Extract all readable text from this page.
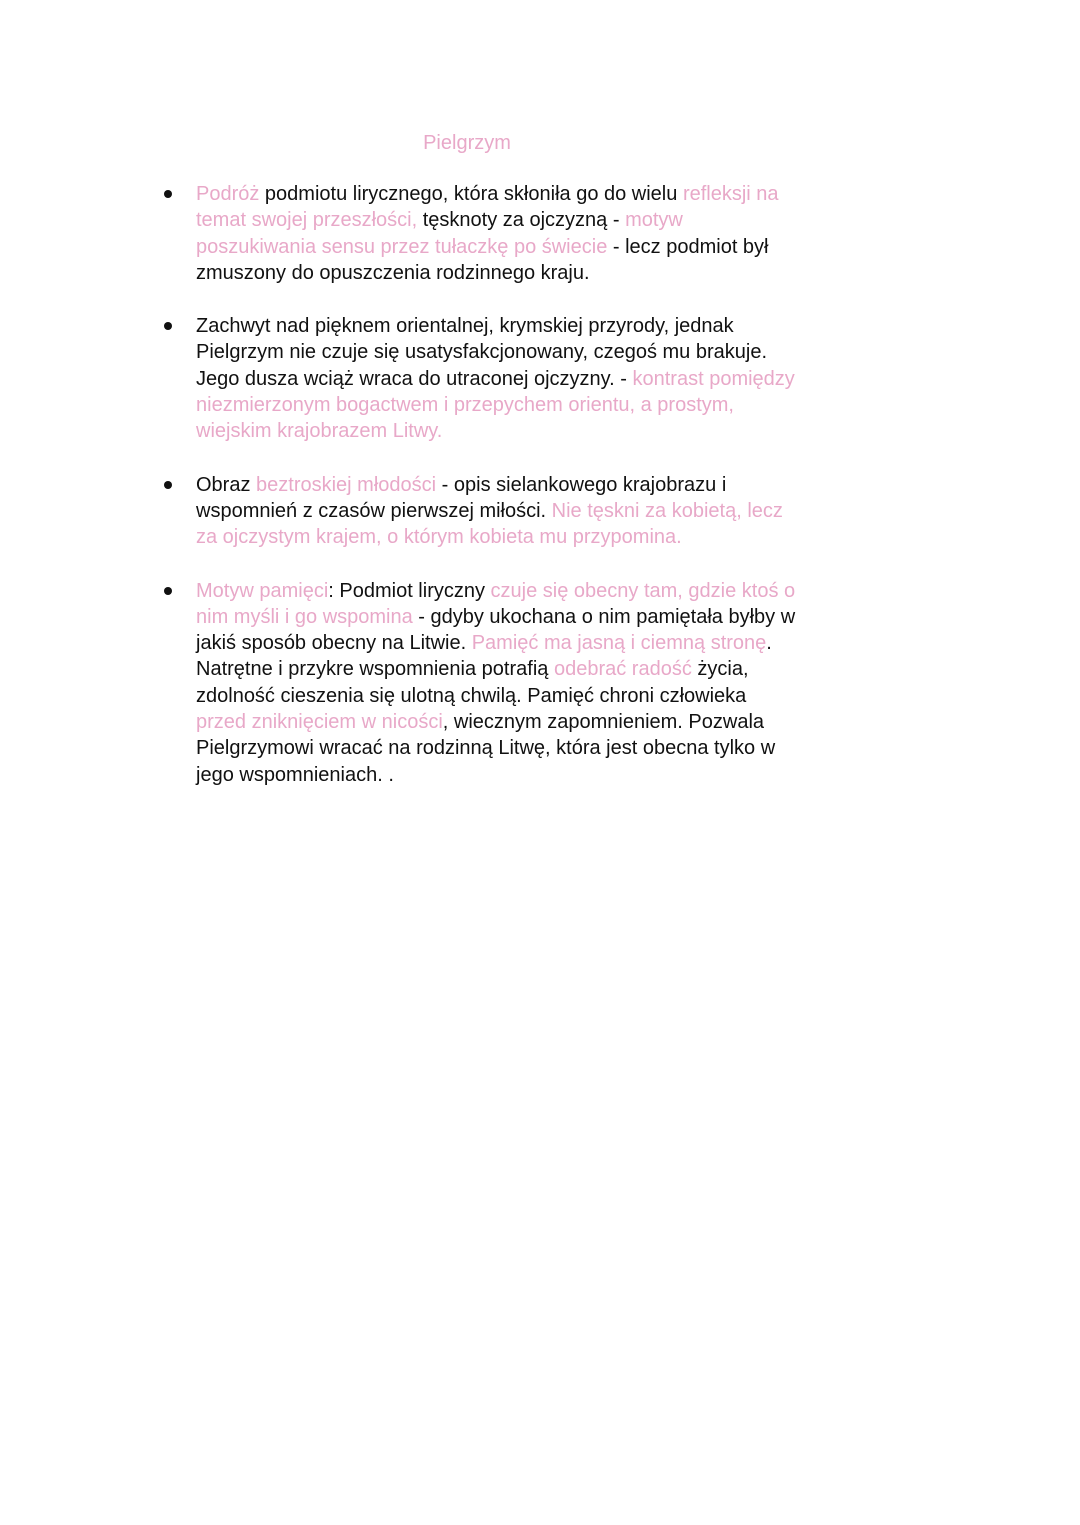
Pielgrzym
Podróż podmiotu lirycznego, która skłoniła go do wielu refleksji na temat swojej przeszłości, tęsknoty za ojczyzną - motyw poszukiwania sensu przez tułaczkę po świecie - lecz podmiot był zmuszony do opuszczenia rodzinnego kraju.
Zachwyt nad pięknem orientalnej, krymskiej przyrody, jednak Pielgrzym nie czuje się usatysfakcjonowany, czegoś mu brakuje. Jego dusza wciąż wraca do utraconej ojczyzny. - kontrast pomiędzy niezmierzonym bogactwem i przepychem orientu, a prostym, wiejskim krajobrazem Litwy.
Obraz beztroskiej młodości - opis sielankowego krajobrazu i wspomnień z czasów pierwszej miłości. Nie tęskni za kobietą, lecz za ojczystym krajem, o którym kobieta mu przypomina.
Motyw pamięci: Podmiot liryczny czuje się obecny tam, gdzie ktoś o nim myśli i go wspomina - gdyby ukochana o nim pamiętała byłby w jakiś sposób obecny na Litwie. Pamięć ma jasną i ciemną stronę. Natrętne i przykre wspomnienia potrafią odebrać radość życia, zdolność cieszenia się ulotną chwilą. Pamięć chroni człowieka przed zniknięciem w nicości, wiecznym zapomnieniem. Pozwala Pielgrzymowi wracać na rodzinną Litwę, która jest obecna tylko w jego wspomnieniach. .
